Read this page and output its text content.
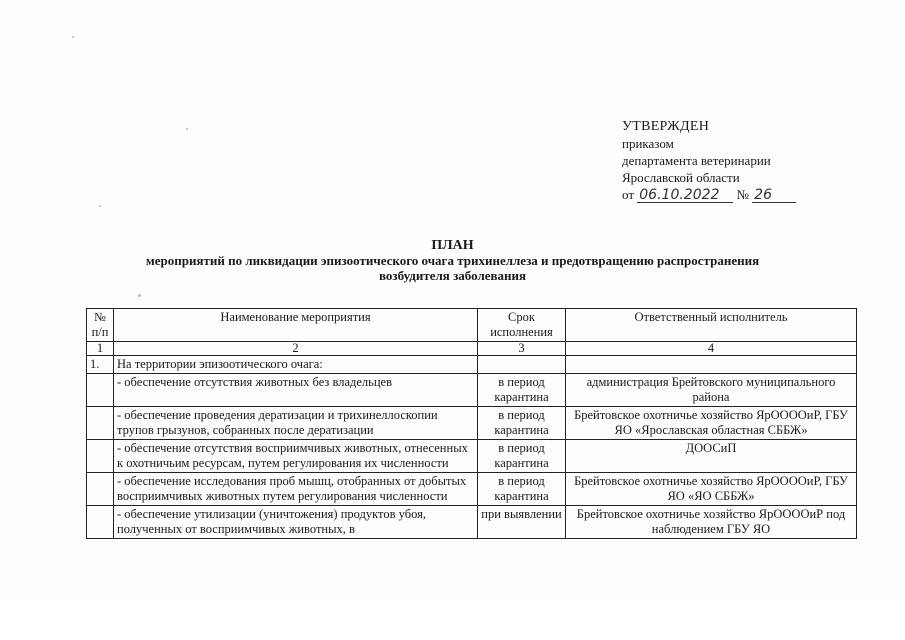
УТВЕРЖДЕН
приказом
департамента ветеринарии
Ярославской области
от 06.10.2022 № 26
ПЛАН
мероприятий по ликвидации эпизоотического очага трихинеллеза и предотвращению распространения
возбудителя заболевания
№ п/п	Наименование мероприятия	Срок исполнения	Ответственный исполнитель
1	2	3	4
1.	На территории эпизоотического очага:		
	- обеспечение отсутствия животных без владельцев	в период карантина	администрация Брейтовского муниципального района
	- обеспечение проведения дератизации и трихинеллоскопии трупов грызунов, собранных после дератизации	в период карантина	Брейтовское охотничье хозяйство ЯрООООиР, ГБУ ЯО «Ярославская областная СББЖ»
	- обеспечение отсутствия восприимчивых животных, отнесенных к охотничьим ресурсам, путем регулирования их численности	в период карантина	ДООСиП
	- обеспечение исследования проб мышц, отобранных от добытых восприимчивых животных путем регулирования численности	в период карантина	Брейтовское охотничье хозяйство ЯрООООиР, ГБУ ЯО «ЯО СББЖ»
	- обеспечение утилизации (уничтожения) продуктов убоя, полученных от восприимчивых животных, в	при выявлении	Брейтовское охотничье хозяйство ЯрООООиР под наблюдением ГБУ ЯО
